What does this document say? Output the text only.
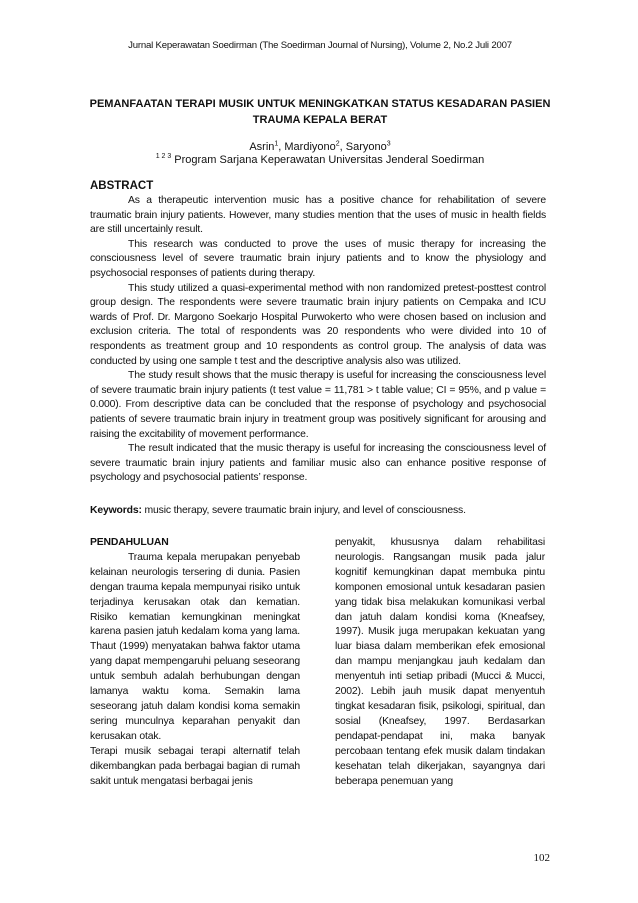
Jurnal Keperawatan Soedirman (The Soedirman Journal of Nursing), Volume 2, No.2 Juli 2007
PEMANFAATAN TERAPI MUSIK UNTUK MENINGKATKAN STATUS KESADARAN PASIEN TRAUMA KEPALA BERAT
Asrin$^1$, Mardiyono$^2$, Saryono$^3$
$^{1 2 3}$ Program Sarjana Keperawatan Universitas Jenderal Soedirman
ABSTRACT

As a therapeutic intervention music has a positive chance for rehabilitation of severe traumatic brain injury patients. However, many studies mention that the uses of music in health fields are still uncertainly result.

This research was conducted to prove the uses of music therapy for increasing the consciousness level of severe traumatic brain injury patients and to know the physiology and psychosocial responses of patients during therapy.

This study utilized a quasi-experimental method with non randomized pretest-posttest control group design. The respondents were severe traumatic brain injury patients on Cempaka and ICU wards of Prof. Dr. Margono Soekarjo Hospital Purwokerto who were chosen based on inclusion and exclusion criteria. The total of respondents was 20 respondents who were divided into 10 of respondents as treatment group and 10 respondents as control group. The analysis of data was conducted by using one sample t test and the descriptive analysis also was utilized.

The study result shows that the music therapy is useful for increasing the consciousness level of severe traumatic brain injury patients (t test value = 11,781 > t table value; CI = 95%, and p value = 0.000). From descriptive data can be concluded that the response of psychology and psychosocial patients of severe traumatic brain injury in treatment group was positively significant for arousing and raising the excitability of movement performance.

The result indicated that the music therapy is useful for increasing the consciousness level of severe traumatic brain injury patients and familiar music also can enhance positive response of psychology and psychosocial patients’ response.

Keywords: music therapy, severe traumatic brain injury, and level of consciousness.

PENDAHULUAN

Trauma kepala merupakan penyebab kelainan neurologis tersering di dunia. Pasien dengan trauma kepala mempunyai risiko untuk terjadinya kerusakan otak dan kematian. Risiko kematian kemungkinan meningkat karena pasien jatuh kedalam koma yang lama. Thaut (1999) menyatakan bahwa faktor utama yang dapat mempengaruhi peluang seseorang untuk sembuh adalah berhubungan dengan lamanya waktu koma. Semakin lama seseorang jatuh dalam kondisi koma semakin sering munculnya keparahan penyakit dan kerusakan otak.

Terapi musik sebagai terapi alternatif telah dikembangkan pada berbagai bagian di rumah sakit untuk mengatasi berbagai jenis

penyakit, khususnya dalam rehabilitasi neurologis. Rangsangan musik pada jalur kognitif kemungkinan dapat membuka pintu komponen emosional untuk kesadaran pasien yang tidak bisa melakukan komunikasi verbal dan jatuh dalam kondisi koma (Kneafsey, 1997). Musik juga merupakan kekuatan yang luar biasa dalam memberikan efek emosional dan mampu menjangkau jauh kedalam dan menyentuh inti setiap pribadi (Mucci & Mucci, 2002). Lebih jauh musik dapat menyentuh tingkat kesadaran fisik, psikologi, spiritual, dan sosial (Kneafsey, 1997. Berdasarkan pendapat-pendapat ini, maka banyak percobaan tentang efek musik dalam tindakan kesehatan telah dikerjakan, sayangnya dari beberapa penemuan yang

102
